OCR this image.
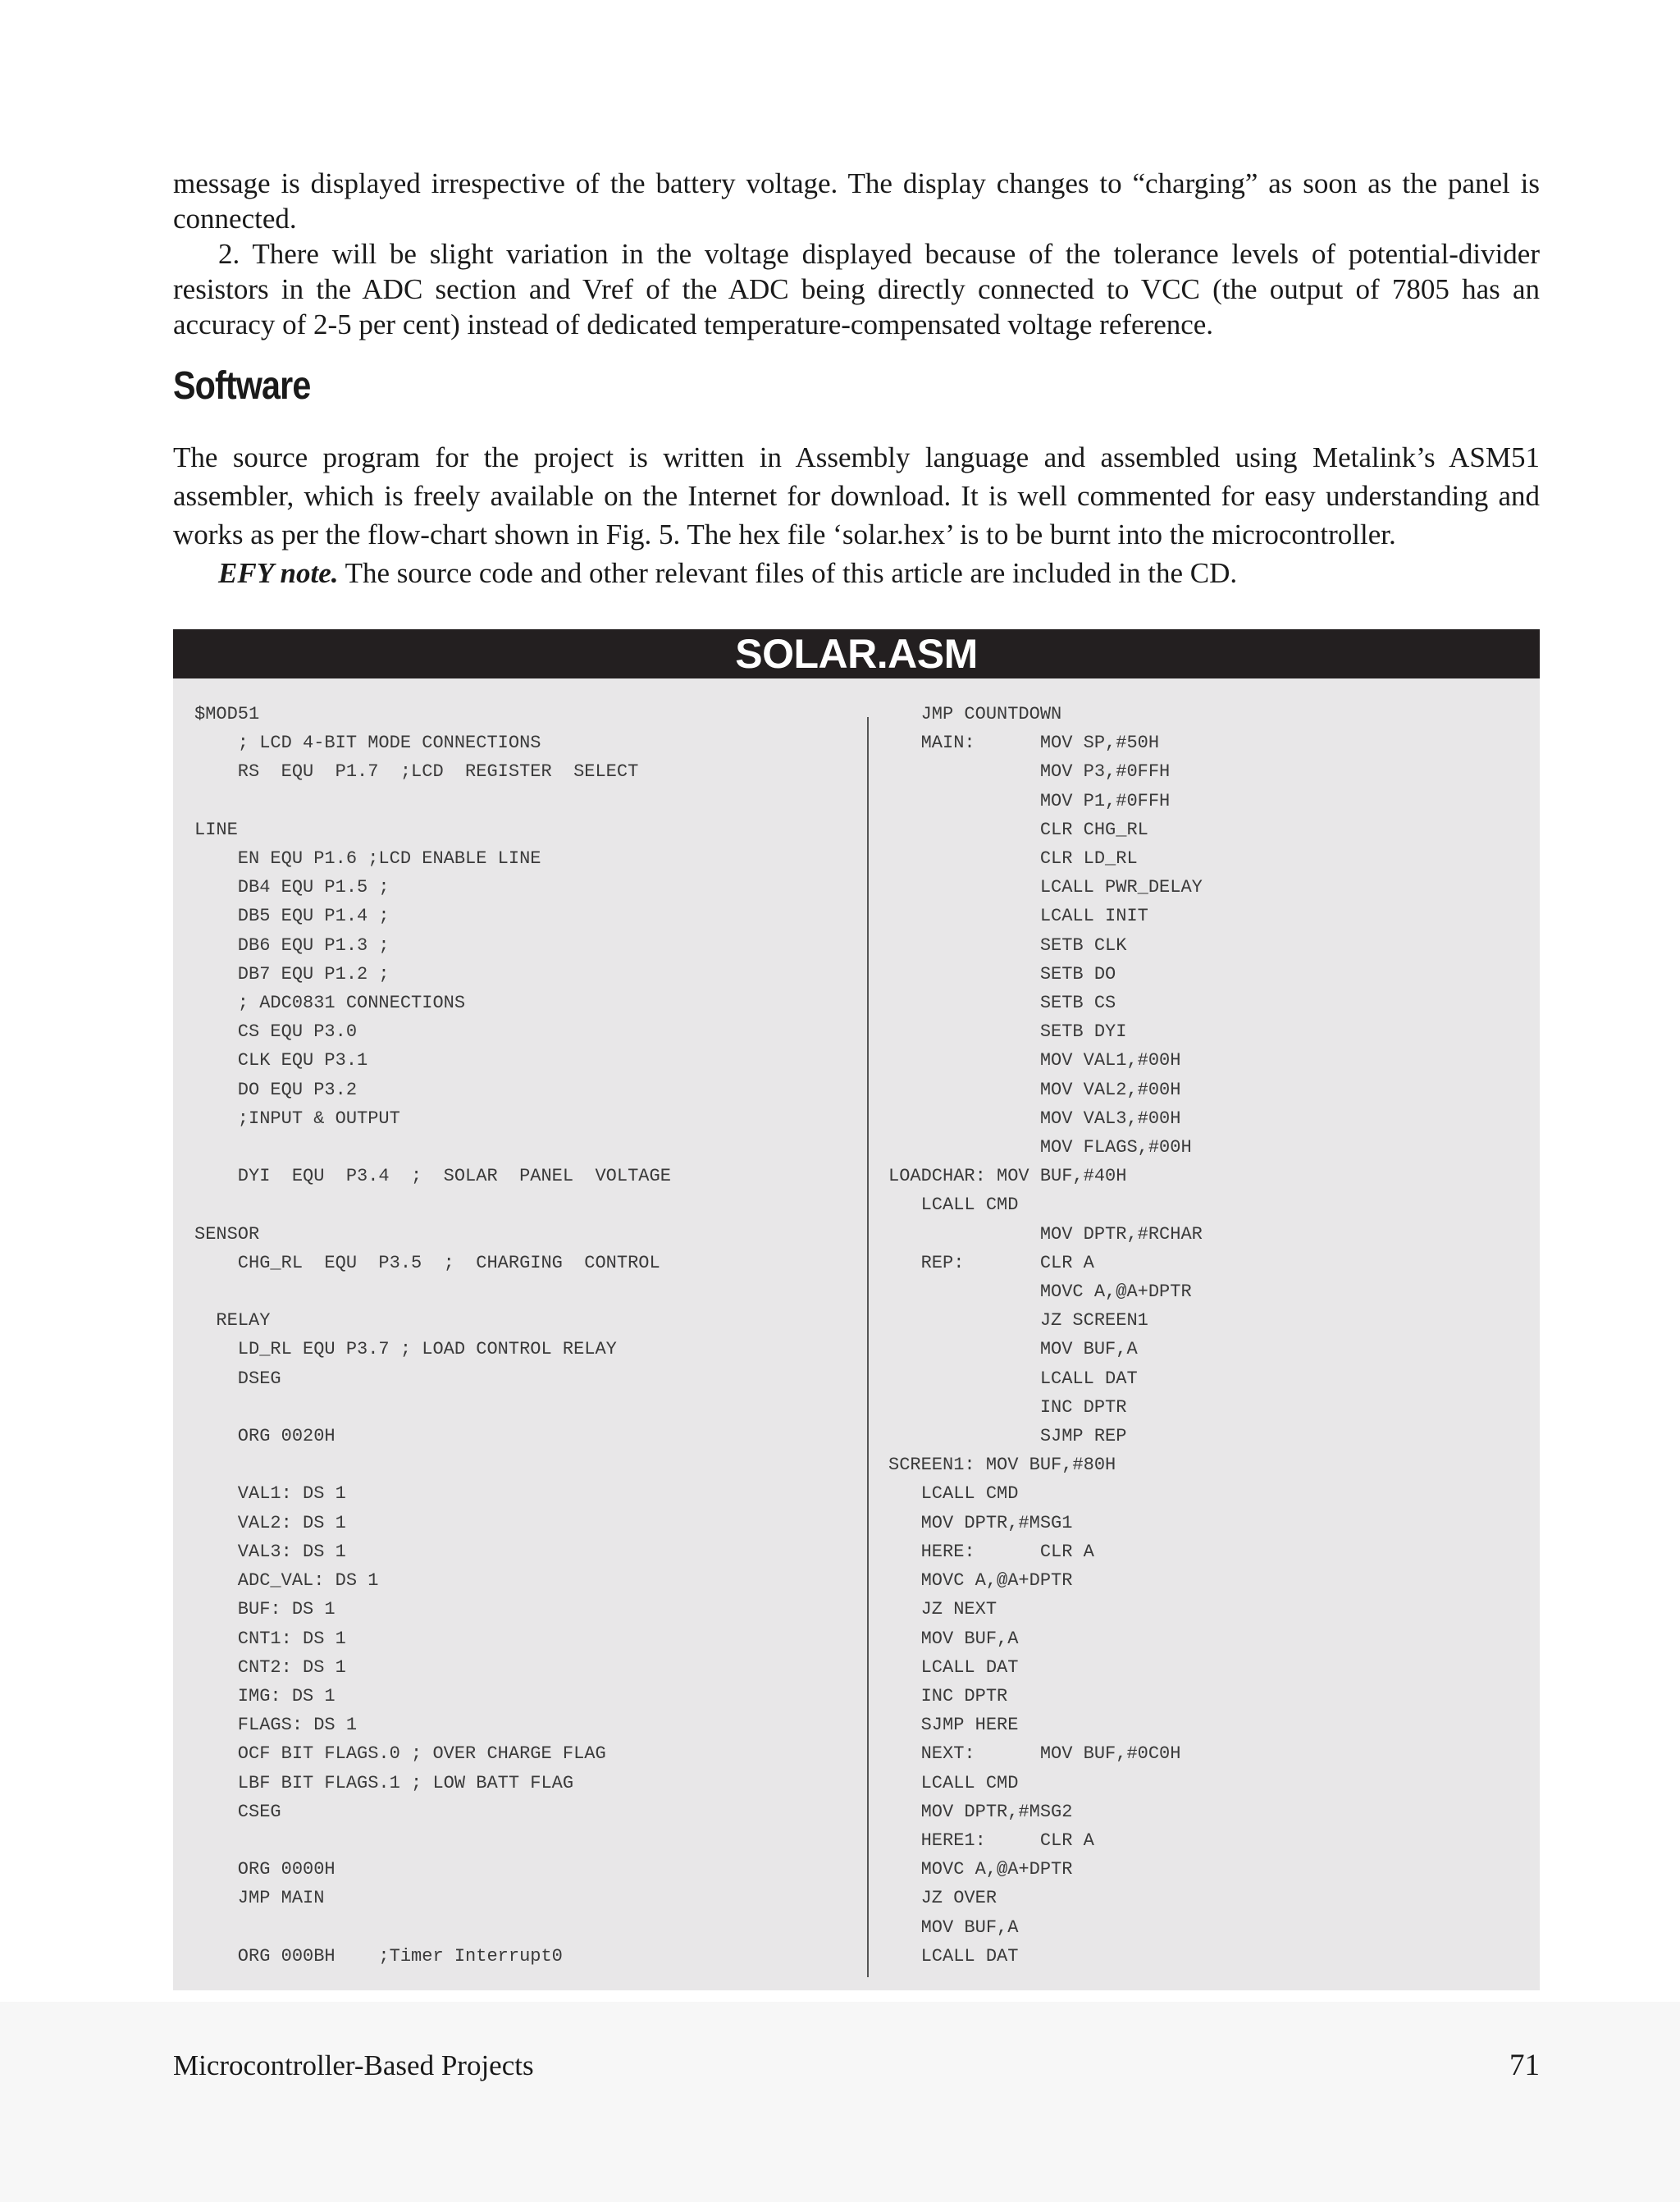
message is displayed irrespective of the battery voltage. The display changes to “charging” as soon as the panel is connected.

2. There will be slight variation in the voltage displayed because of the tolerance levels of potential-divider resistors in the ADC section and Vref of the ADC being directly connected to VCC (the output of 7805 has an accuracy of 2-5 per cent) instead of dedicated temperature-compensated voltage reference.

Software

The source program for the project is written in Assembly language and assembled using Metalink’s ASM51 assembler, which is freely available on the Internet for download. It is well commented for easy understanding and works as per the flow-chart shown in Fig. 5. The hex file ‘solar.hex’ is to be burnt into the microcontroller.

EFY note. The source code and other relevant files of this article are included in the CD.

SOLAR.ASM
$MOD51
; LCD 4-BIT MODE CONNECTIONS
RS  EQU  P1.7  ;LCD  REGISTER  SELECT

LINE
EN EQU P1.6 ;LCD ENABLE LINE
DB4 EQU P1.5 ;
DB5 EQU P1.4 ;
DB6 EQU P1.3 ;
DB7 EQU P1.2 ;
; ADC0831 CONNECTIONS
CS EQU P3.0
CLK EQU P3.1
DO EQU P3.2
;INPUT & OUTPUT

DYI  EQU  P3.4  ;  SOLAR  PANEL  VOLTAGE

SENSOR
CHG_RL  EQU  P3.5  ;  CHARGING  CONTROL

RELAY
LD_RL EQU P3.7 ; LOAD CONTROL RELAY
DSEG

ORG 0020H

VAL1: DS 1
VAL2: DS 1
VAL3: DS 1
ADC_VAL: DS 1
BUF: DS 1
CNT1: DS 1
CNT2: DS 1
IMG: DS 1
FLAGS: DS 1
OCF BIT FLAGS.0 ; OVER CHARGE FLAG
LBF BIT FLAGS.1 ; LOW BATT FLAG
CSEG

ORG 0000H
JMP MAIN

ORG 000BH    ;Timer Interrupt0
JMP COUNTDOWN
MAIN:      MOV SP,#50H
MOV P3,#0FFH
MOV P1,#0FFH
CLR CHG_RL
CLR LD_RL
LCALL PWR_DELAY
LCALL INIT
SETB CLK
SETB DO
SETB CS
SETB DYI
MOV VAL1,#00H
MOV VAL2,#00H
MOV VAL3,#00H
MOV FLAGS,#00H
LOADCHAR: MOV BUF,#40H
LCALL CMD
MOV DPTR,#RCHAR
REP:       CLR A
MOVC A,@A+DPTR
JZ SCREEN1
MOV BUF,A
LCALL DAT
INC DPTR
SJMP REP
SCREEN1: MOV BUF,#80H
LCALL CMD
MOV DPTR,#MSG1
HERE:      CLR A
MOVC A,@A+DPTR
JZ NEXT
MOV BUF,A
LCALL DAT
INC DPTR
SJMP HERE
NEXT:      MOV BUF,#0C0H
LCALL CMD
MOV DPTR,#MSG2
HERE1:     CLR A
MOVC A,@A+DPTR
JZ OVER
MOV BUF,A
LCALL DAT
Microcontroller-Based Projects	71
